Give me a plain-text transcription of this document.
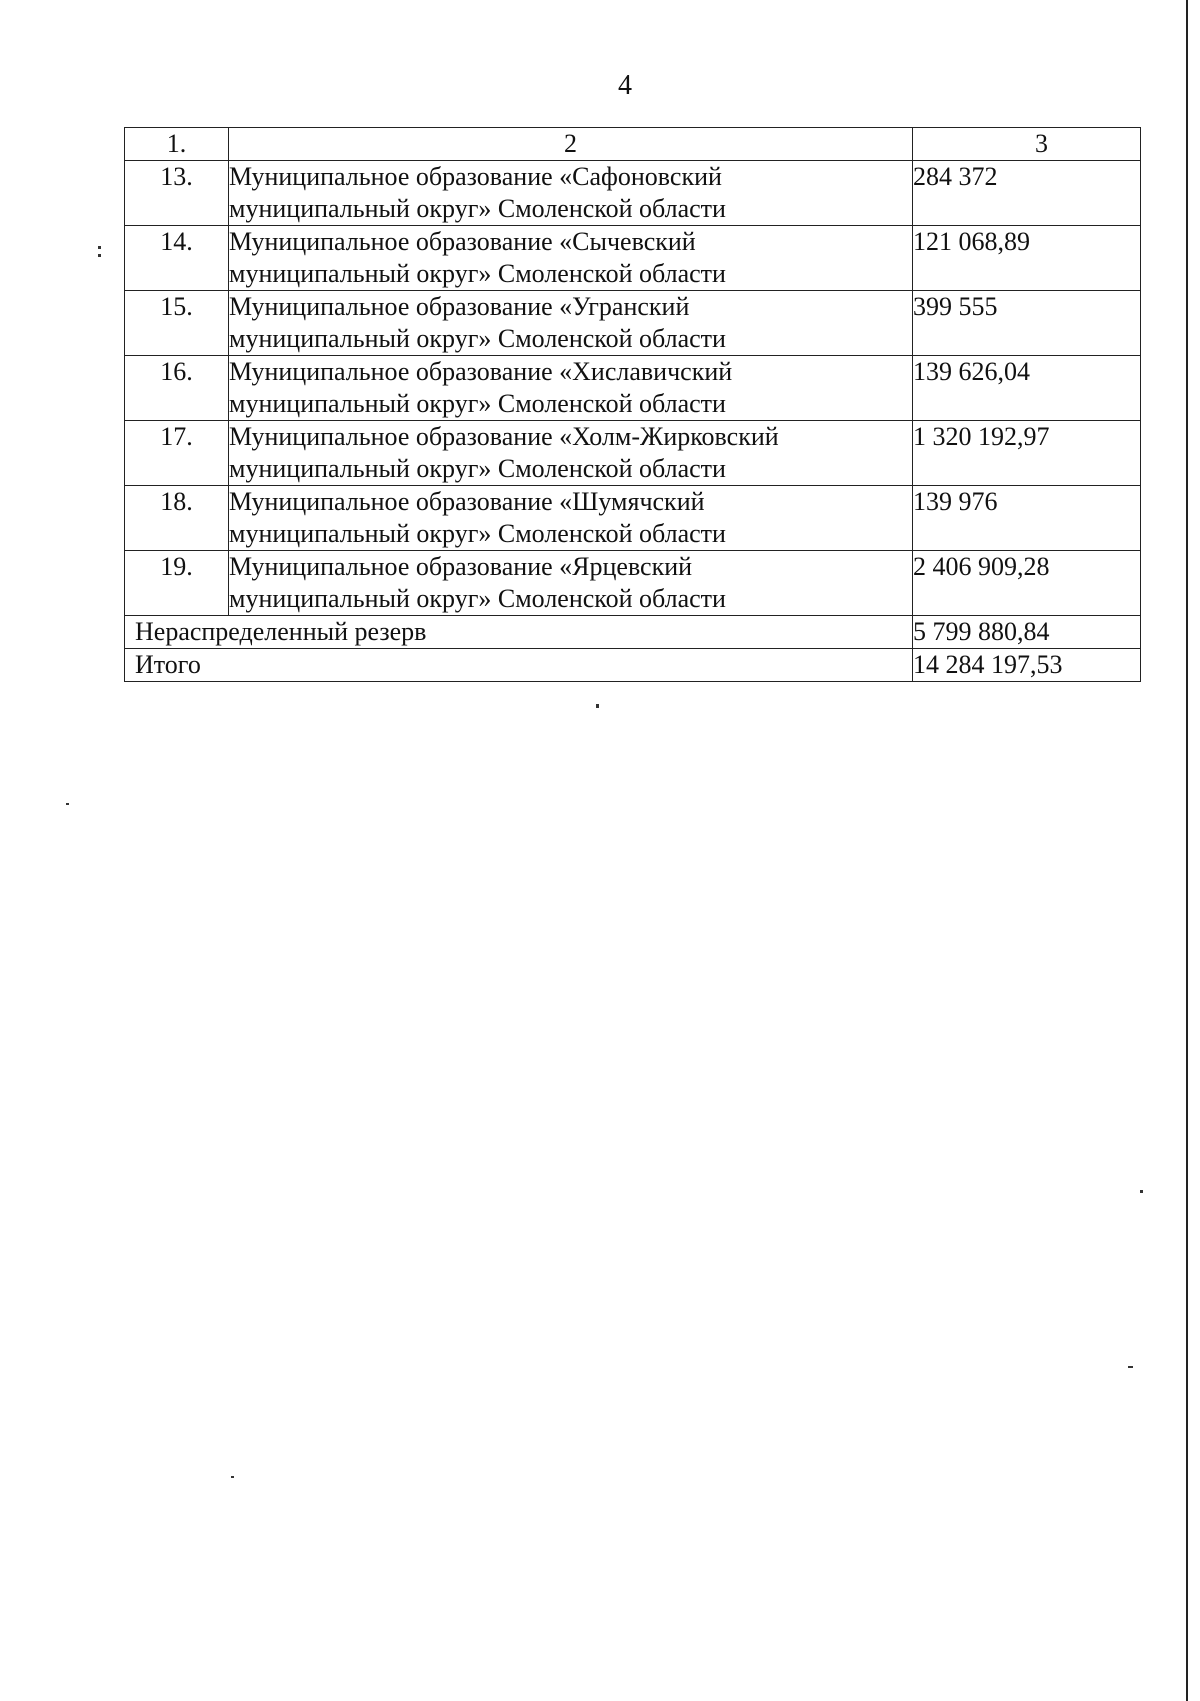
4
1.	2	3
13.	Муниципальное образование «Сафоновский
муниципальный округ» Смоленской области	284 372
14.	Муниципальное образование «Сычевский
муниципальный округ» Смоленской области	121 068,89
15.	Муниципальное образование «Угранский
муниципальный округ» Смоленской области	399 555
16.	Муниципальное образование «Хиславичский
муниципальный округ» Смоленской области	139 626,04
17.	Муниципальное образование «Холм-Жирковский
муниципальный округ» Смоленской области	1 320 192,97
18.	Муниципальное образование «Шумячский
муниципальный округ» Смоленской области	139 976
19.	Муниципальное образование «Ярцевский
муниципальный округ» Смоленской области	2 406 909,28
Нераспределенный резерв		5 799 880,84
Итого		14 284 197,53
